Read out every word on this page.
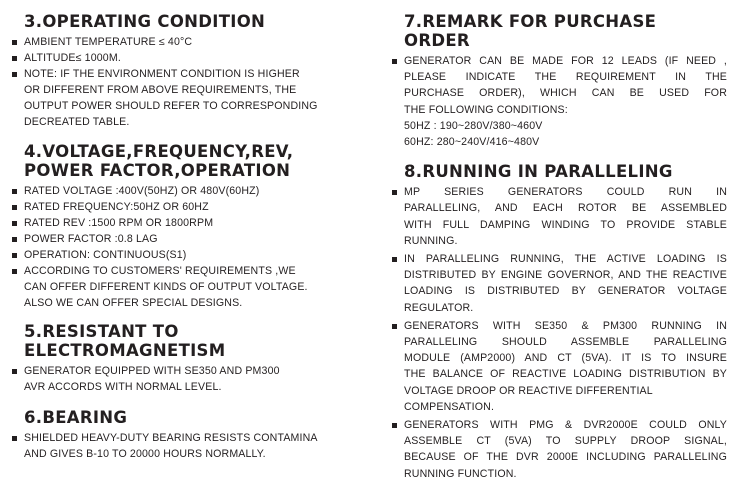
3.OPERATING CONDITION
AMBIENT TEMPERATURE ≤ 40°C
ALTITUDE≤ 1000M.
NOTE: IF THE ENVIRONMENT CONDITION IS HIGHER
OR DIFFERENT FROM ABOVE REQUIREMENTS, THE
OUTPUT POWER SHOULD REFER TO CORRESPONDING
DECREATED TABLE.
4.VOLTAGE,FREQUENCY,REV,
POWER FACTOR,OPERATION
RATED VOLTAGE :400V(50HZ) OR 480V(60HZ)
RATED FREQUENCY:50HZ OR 60HZ
RATED REV :1500 RPM OR 1800RPM
POWER FACTOR :0.8 LAG
OPERATION: CONTINUOUS(S1)
ACCORDING TO CUSTOMERS' REQUIREMENTS ,WE
CAN OFFER DIFFERENT KINDS OF OUTPUT VOLTAGE.
ALSO WE CAN OFFER SPECIAL DESIGNS.
5.RESISTANT TO ELECTROMAGNETISM
GENERATOR EQUIPPED WITH SE350 AND PM300
AVR ACCORDS WITH NORMAL LEVEL.
6.BEARING
SHIELDED HEAVY-DUTY BEARING RESISTS CONTAMINA
AND GIVES B-10 TO 20000 HOURS NORMALLY.
7.REMARK FOR PURCHASE ORDER
GENERATOR CAN BE MADE FOR 12 LEADS (IF NEED ,
PLEASE INDICATE THE REQUIREMENT IN THE
PURCHASE ORDER), WHICH CAN BE USED FOR
THE FOLLOWING CONDITIONS:
50HZ : 190~280V/380~460V
60HZ: 280~240V/416~480V
8.RUNNING IN PARALLELING
MP SERIES GENERATORS COULD RUN IN
PARALLELING, AND EACH ROTOR BE ASSEMBLED
WITH FULL DAMPING WINDING TO PROVIDE STABLE
RUNNING.
IN PARALLELING RUNNING, THE ACTIVE LOADING IS
DISTRIBUTED BY ENGINE GOVERNOR, AND THE REACTIVE
LOADING IS DISTRIBUTED BY GENERATOR VOLTAGE
REGULATOR.
GENERATORS WITH SE350 & PM300 RUNNING IN
PARALLELING SHOULD ASSEMBLE PARALLELING
MODULE (AMP2000) AND CT (5VA). IT IS TO INSURE
THE BALANCE OF REACTIVE LOADING DISTRIBUTION BY
VOLTAGE DROOP OR REACTIVE DIFFERENTIAL
COMPENSATION.
GENERATORS WITH PMG & DVR2000E COULD ONLY
ASSEMBLE CT (5VA) TO SUPPLY DROOP SIGNAL,
BECAUSE OF THE DVR 2000E INCLUDING PARALLELING
RUNNING FUNCTION.
